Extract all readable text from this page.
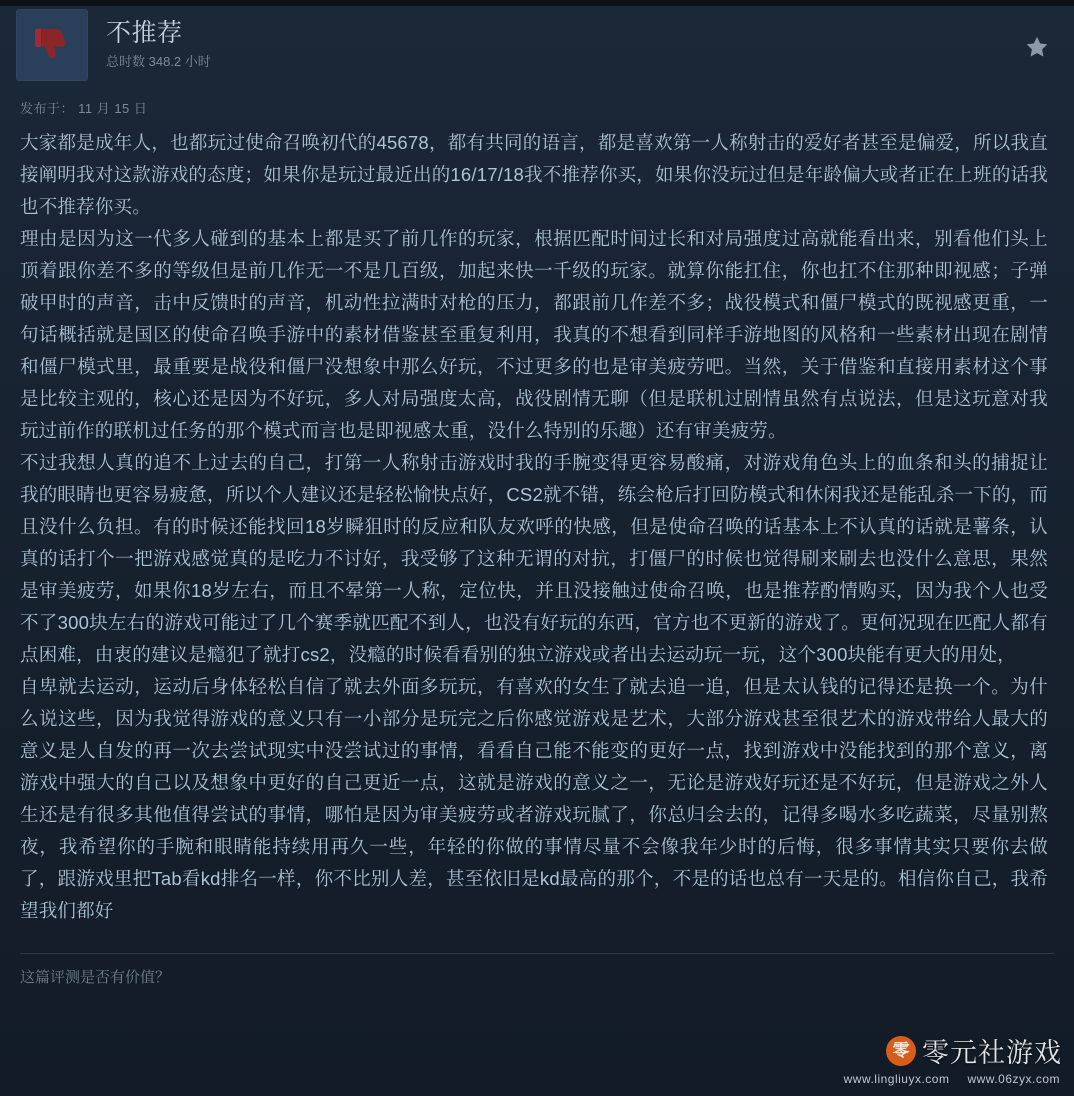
不推荐
总时数 348.2 小时
发布于： 11 月 15 日

大家都是成年人，也都玩过使命召唤初代的45678，都有共同的语言，都是喜欢第一人称射击的爱好者甚至是偏爱，所以我直接阐明我对这款游戏的态度；如果你是玩过最近出的16/17/18我不推荐你买，如果你没玩过但是年龄偏大或者正在上班的话我也不推荐你买。

理由是因为这一代多人碰到的基本上都是买了前几作的玩家，根据匹配时间过长和对局强度过高就能看出来，别看他们头上顶着跟你差不多的等级但是前几作无一不是几百级，加起来快一千级的玩家。就算你能扛住，你也扛不住那种即视感；子弹破甲时的声音，击中反馈时的声音，机动性拉满时对枪的压力，都跟前几作差不多；战役模式和僵尸模式的既视感更重，一句话概括就是国区的使命召唤手游中的素材借鉴甚至重复利用，我真的不想看到同样手游地图的风格和一些素材出现在剧情和僵尸模式里，最重要是战役和僵尸没想象中那么好玩，不过更多的也是审美疲劳吧。当然，关于借鉴和直接用素材这个事是比较主观的，核心还是因为不好玩，多人对局强度太高，战役剧情无聊（但是联机过剧情虽然有点说法，但是这玩意对我玩过前作的联机过任务的那个模式而言也是即视感太重，没什么特别的乐趣）还有审美疲劳。

不过我想人真的追不上过去的自己，打第一人称射击游戏时我的手腕变得更容易酸痛，对游戏角色头上的血条和头的捕捉让我的眼睛也更容易疲惫，所以个人建议还是轻松愉快点好，CS2就不错，练会枪后打回防模式和休闲我还是能乱杀一下的，而且没什么负担。有的时候还能找回18岁瞬狙时的反应和队友欢呼的快感，但是使命召唤的话基本上不认真的话就是薯条，认真的话打个一把游戏感觉真的是吃力不讨好，我受够了这种无谓的对抗，打僵尸的时候也觉得刷来刷去也没什么意思，果然是审美疲劳，如果你18岁左右，而且不晕第一人称，定位快，并且没接触过使命召唤，也是推荐酌情购买，因为我个人也受不了300块左右的游戏可能过了几个赛季就匹配不到人，也没有好玩的东西，官方也不更新的游戏了。更何况现在匹配人都有点困难，由衷的建议是瘾犯了就打cs2，没瘾的时候看看别的独立游戏或者出去运动玩一玩，这个300块能有更大的用处，

自卑就去运动，运动后身体轻松自信了就去外面多玩玩，有喜欢的女生了就去追一追，但是太认钱的记得还是换一个。为什么说这些，因为我觉得游戏的意义只有一小部分是玩完之后你感觉游戏是艺术，大部分游戏甚至很艺术的游戏带给人最大的意义是人自发的再一次去尝试现实中没尝试过的事情，看看自己能不能变的更好一点，找到游戏中没能找到的那个意义，离游戏中强大的自己以及想象中更好的自己更近一点，这就是游戏的意义之一，无论是游戏好玩还是不好玩，但是游戏之外人生还是有很多其他值得尝试的事情，哪怕是因为审美疲劳或者游戏玩腻了，你总归会去的，记得多喝水多吃蔬菜，尽量别熬夜，我希望你的手腕和眼睛能持续用再久一些，年轻的你做的事情尽量不会像我年少时的后悔，很多事情其实只要你去做了，跟游戏里把Tab看kd排名一样，你不比别人差，甚至依旧是kd最高的那个，不是的话也总有一天是的。相信你自己，我希望我们都好

这篇评测是否有价值？
零 零元社游戏
www.lingliuyx.com www.06zyx.com
